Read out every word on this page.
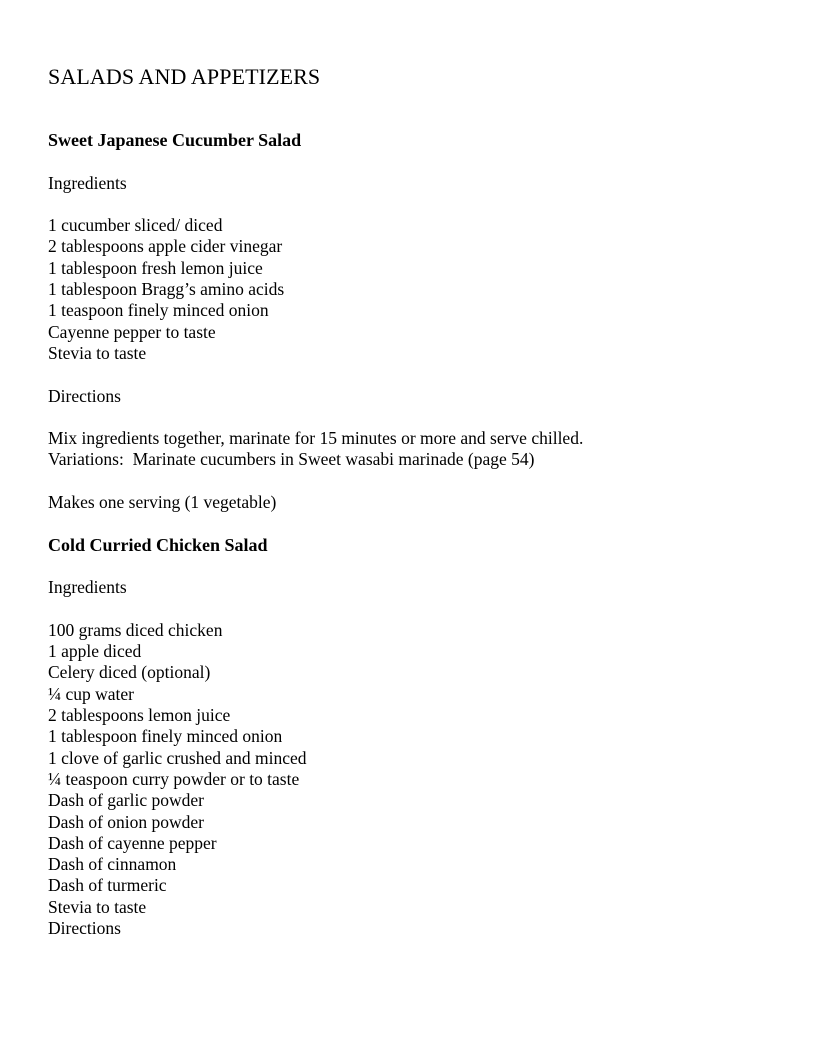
SALADS AND APPETIZERS
Sweet Japanese Cucumber Salad

Ingredients

1 cucumber sliced/ diced

2 tablespoons apple cider vinegar

1 tablespoon fresh lemon juice

1 tablespoon Bragg’s amino acids

1 teaspoon finely minced onion

Cayenne pepper to taste

Stevia to taste

Directions

Mix ingredients together, marinate for 15 minutes or more and serve chilled.

Variations:  Marinate cucumbers in Sweet wasabi marinade (page 54)

Makes one serving (1 vegetable)

Cold Curried Chicken Salad

Ingredients

100 grams diced chicken

1 apple diced

Celery diced (optional)

¼ cup water

2 tablespoons lemon juice

1 tablespoon finely minced onion

1 clove of garlic crushed and minced

¼ teaspoon curry powder or to taste

Dash of garlic powder

Dash of onion powder

Dash of cayenne pepper

Dash of cinnamon

Dash of turmeric

Stevia to taste

Directions
